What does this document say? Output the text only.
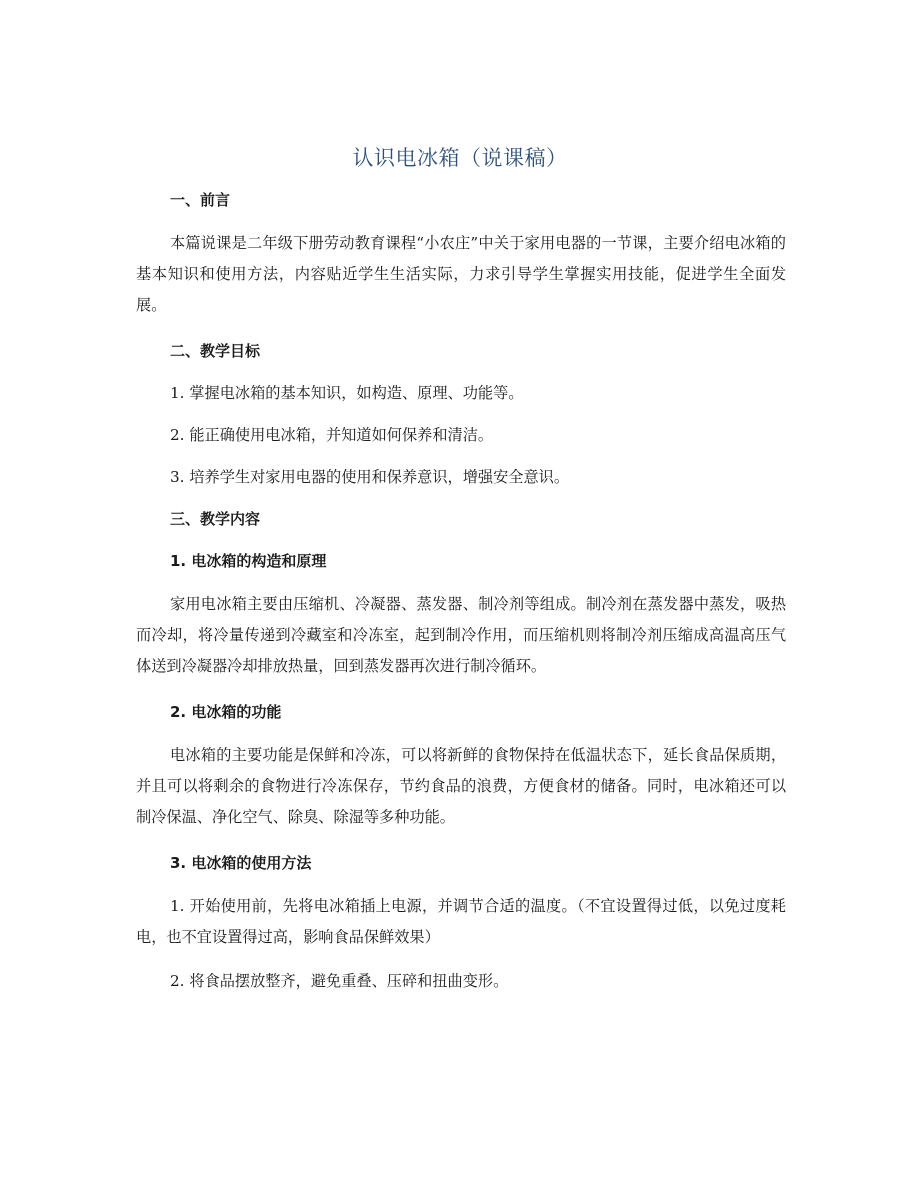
认识电冰箱（说课稿）

一、前言

本篇说课是二年级下册劳动教育课程“小农庄”中关于家用电器的一节课，主要介绍电冰箱的基本知识和使用方法，内容贴近学生生活实际，力求引导学生掌握实用技能，促进学生全面发展。

二、教学目标

1. 掌握电冰箱的基本知识，如构造、原理、功能等。

2. 能正确使用电冰箱，并知道如何保养和清洁。

3. 培养学生对家用电器的使用和保养意识，增强安全意识。

三、教学内容

1. 电冰箱的构造和原理

家用电冰箱主要由压缩机、冷凝器、蒸发器、制冷剂等组成。制冷剂在蒸发器中蒸发，吸热而冷却，将冷量传递到冷藏室和冷冻室，起到制冷作用，而压缩机则将制冷剂压缩成高温高压气体送到冷凝器冷却排放热量，回到蒸发器再次进行制冷循环。

2. 电冰箱的功能

电冰箱的主要功能是保鲜和冷冻，可以将新鲜的食物保持在低温状态下，延长食品保质期，并且可以将剩余的食物进行冷冻保存，节约食品的浪费，方便食材的储备。同时，电冰箱还可以制冷保温、净化空气、除臭、除湿等多种功能。

3. 电冰箱的使用方法

1. 开始使用前，先将电冰箱插上电源，并调节合适的温度。（不宜设置得过低，以免过度耗电，也不宜设置得过高，影响食品保鲜效果）

2. 将食品摆放整齐，避免重叠、压碎和扭曲变形。
